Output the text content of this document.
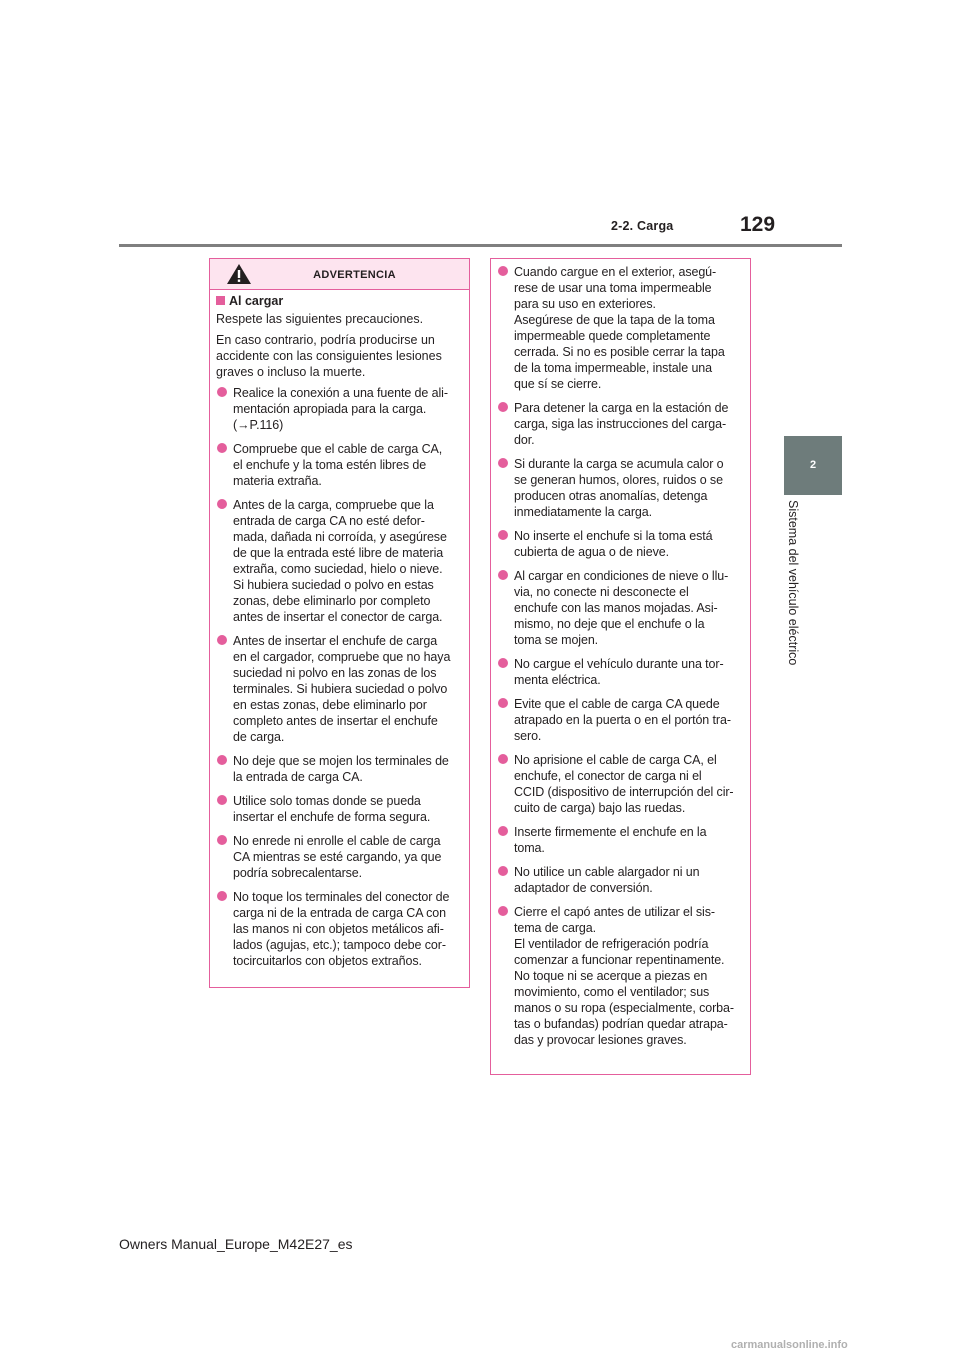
2-2. Carga	129
2
Sistema del vehículo eléctrico
ADVERTENCIA
Al cargar
Respete las siguientes precauciones.
En caso contrario, podría producirse un accidente con las consiguientes lesiones graves o incluso la muerte.
Realice la conexión a una fuente de ali-
mentación apropiada para la carga.
(→P.116)
Compruebe que el cable de carga CA,
el enchufe y la toma estén libres de
materia extraña.
Antes de la carga, compruebe que la
entrada de carga CA no esté defor-
mada, dañada ni corroída, y asegúrese
de que la entrada esté libre de materia
extraña, como suciedad, hielo o nieve.
Si hubiera suciedad o polvo en estas
zonas, debe eliminarlo por completo
antes de insertar el conector de carga.
Antes de insertar el enchufe de carga
en el cargador, compruebe que no haya
suciedad ni polvo en las zonas de los
terminales. Si hubiera suciedad o polvo
en estas zonas, debe eliminarlo por
completo antes de insertar el enchufe
de carga.
No deje que se mojen los terminales de
la entrada de carga CA.
Utilice solo tomas donde se pueda
insertar el enchufe de forma segura.
No enrede ni enrolle el cable de carga
CA mientras se esté cargando, ya que
podría sobrecalentarse.
No toque los terminales del conector de
carga ni de la entrada de carga CA con
las manos ni con objetos metálicos afi-
lados (agujas, etc.); tampoco debe cor-
tocircuitarlos con objetos extraños.
Cuando cargue en el exterior, asegú-
rese de usar una toma impermeable
para su uso en exteriores.
Asegúrese de que la tapa de la toma
impermeable quede completamente
cerrada. Si no es posible cerrar la tapa
de la toma impermeable, instale una
que sí se cierre.
Para detener la carga en la estación de
carga, siga las instrucciones del carga-
dor.
Si durante la carga se acumula calor o
se generan humos, olores, ruidos o se
producen otras anomalías, detenga
inmediatamente la carga.
No inserte el enchufe si la toma está
cubierta de agua o de nieve.
Al cargar en condiciones de nieve o llu-
via, no conecte ni desconecte el
enchufe con las manos mojadas. Asi-
mismo, no deje que el enchufe o la
toma se mojen.
No cargue el vehículo durante una tor-
menta eléctrica.
Evite que el cable de carga CA quede
atrapado en la puerta o en el portón tra-
sero.
No aprisione el cable de carga CA, el
enchufe, el conector de carga ni el
CCID (dispositivo de interrupción del cir-
cuito de carga) bajo las ruedas.
Inserte firmemente el enchufe en la
toma.
No utilice un cable alargador ni un
adaptador de conversión.
Cierre el capó antes de utilizar el sis-
tema de carga.
El ventilador de refrigeración podría
comenzar a funcionar repentinamente.
No toque ni se acerque a piezas en
movimiento, como el ventilador; sus
manos o su ropa (especialmente, corba-
tas o bufandas) podrían quedar atrapa-
das y provocar lesiones graves.
Owners Manual_Europe_M42E27_es
carmanualsonline.info
